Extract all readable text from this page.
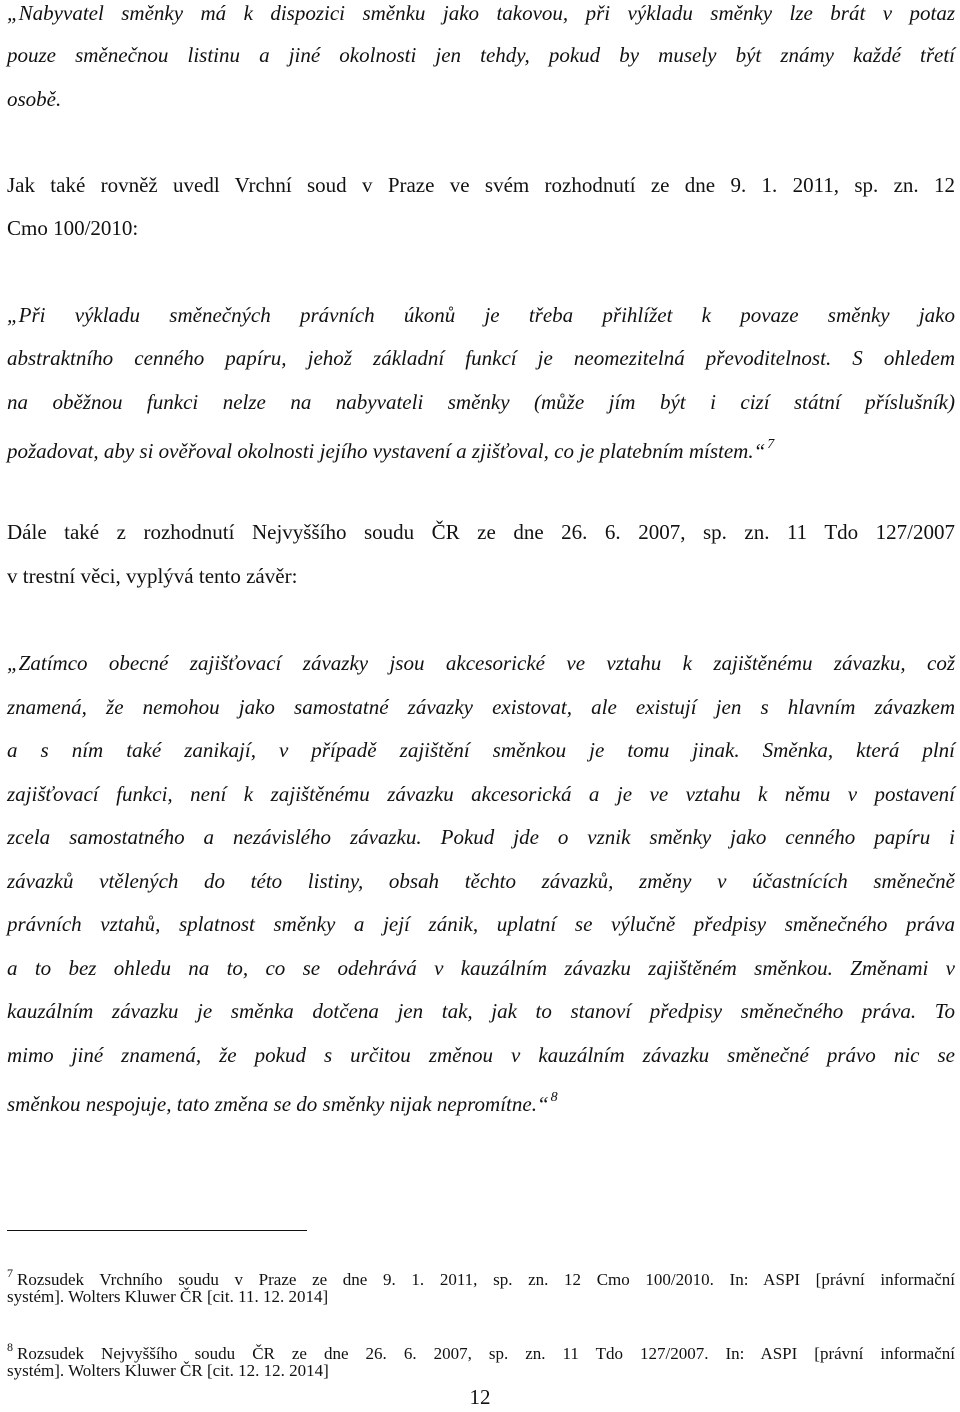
„Nabyvatel směnky má k dispozici směnku jako takovou, při výkladu směnky lze brát v potaz
pouze směnečnou listinu a jiné okolnosti jen tehdy, pokud by musely být známy každé třetí
osobě.
Jak také rovněž uvedl Vrchní soud v Praze ve svém rozhodnutí ze dne 9. 1. 2011, sp. zn. 12
Cmo 100/2010:
„Při výkladu směnečných právních úkonů je třeba přihlížet k povaze směnky jako
abstraktního cenného papíru, jehož základní funkcí je neomezitelná převoditelnost. S ohledem
na oběžnou funkci nelze na nabyvateli směnky (může jím být i cizí státní příslušník)
požadovat, aby si ověřoval okolnosti jejího vystavení a zjišťoval, co je platebním místem.“ $^7$
Dále také z rozhodnutí Nejvyššího soudu ČR ze dne 26. 6. 2007, sp. zn. 11 Tdo 127/2007
v trestní věci, vyplývá tento závěr:
„Zatímco obecné zajišťovací závazky jsou akcesorické ve vztahu k zajištěnému závazku, což
znamená, že nemohou jako samostatné závazky existovat, ale existují jen s hlavním závazkem
a s ním také zanikají, v případě zajištění směnkou je tomu jinak. Směnka, která plní
zajišťovací funkci, není k zajištěnému závazku akcesorická a je ve vztahu k němu v postavení
zcela samostatného a nezávislého závazku. Pokud jde o vznik směnky jako cenného papíru i
závazků vtělených do této listiny, obsah těchto závazků, změny v účastnících směnečně
právních vztahů, splatnost směnky a její zánik, uplatní se výlučně předpisy směnečného práva
a to bez ohledu na to, co se odehrává v kauzálním závazku zajištěném směnkou. Změnami v
kauzálním závazku je směnka dotčena jen tak, jak to stanoví předpisy směnečného práva. To
mimo jiné znamená, že pokud s určitou změnou v kauzálním závazku směnečné právo nic se
směnkou nespojuje, tato změna se do směnky nijak nepromítne.“ $^8$
$^7$ Rozsudek Vrchního soudu v Praze ze dne 9. 1. 2011, sp. zn. 12 Cmo 100/2010. In: ASPI [právní informační
systém]. Wolters Kluwer ČR [cit. 11. 12. 2014]
$^8$ Rozsudek Nejvyššího soudu ČR ze dne 26. 6. 2007, sp. zn. 11 Tdo 127/2007. In: ASPI [právní informační
systém]. Wolters Kluwer ČR [cit. 12. 12. 2014]
12
